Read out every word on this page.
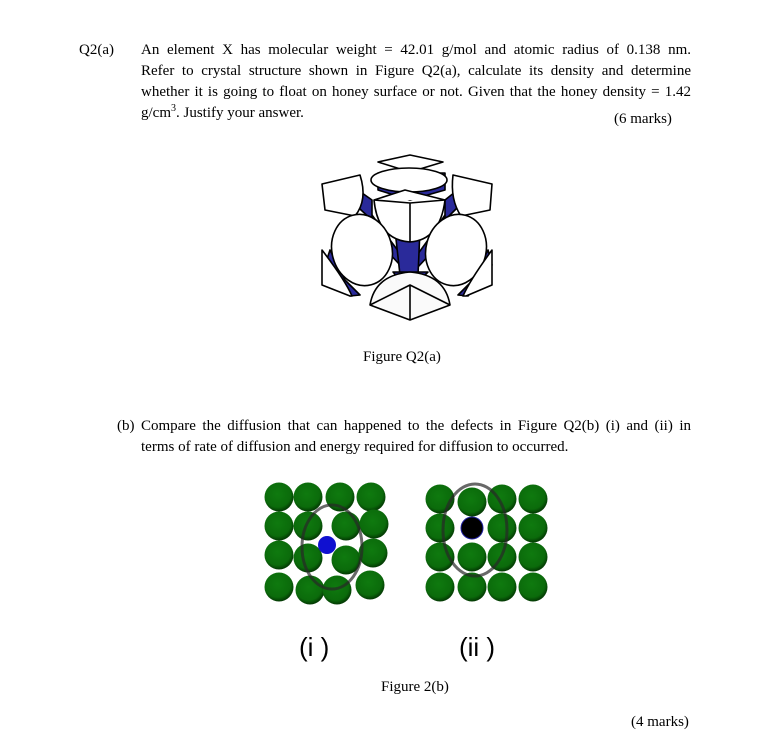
Q2(a) An element X has molecular weight = 42.01 g/mol and atomic radius of 0.138 nm.
Refer to crystal structure shown in Figure Q2(a), calculate its density and determine
whether it is going to float on honey surface or not. Given that the honey density = 1.42
$g/cm^3$. Justify your answer.	(6 marks)
Figure Q2(a)
(b) Compare the diffusion that can happened to the defects in Figure Q2(b) (i) and (ii) in
terms of rate of diffusion and energy required for diffusion to occurred.
(i )	(ii )
Figure 2(b)
(4 marks)
